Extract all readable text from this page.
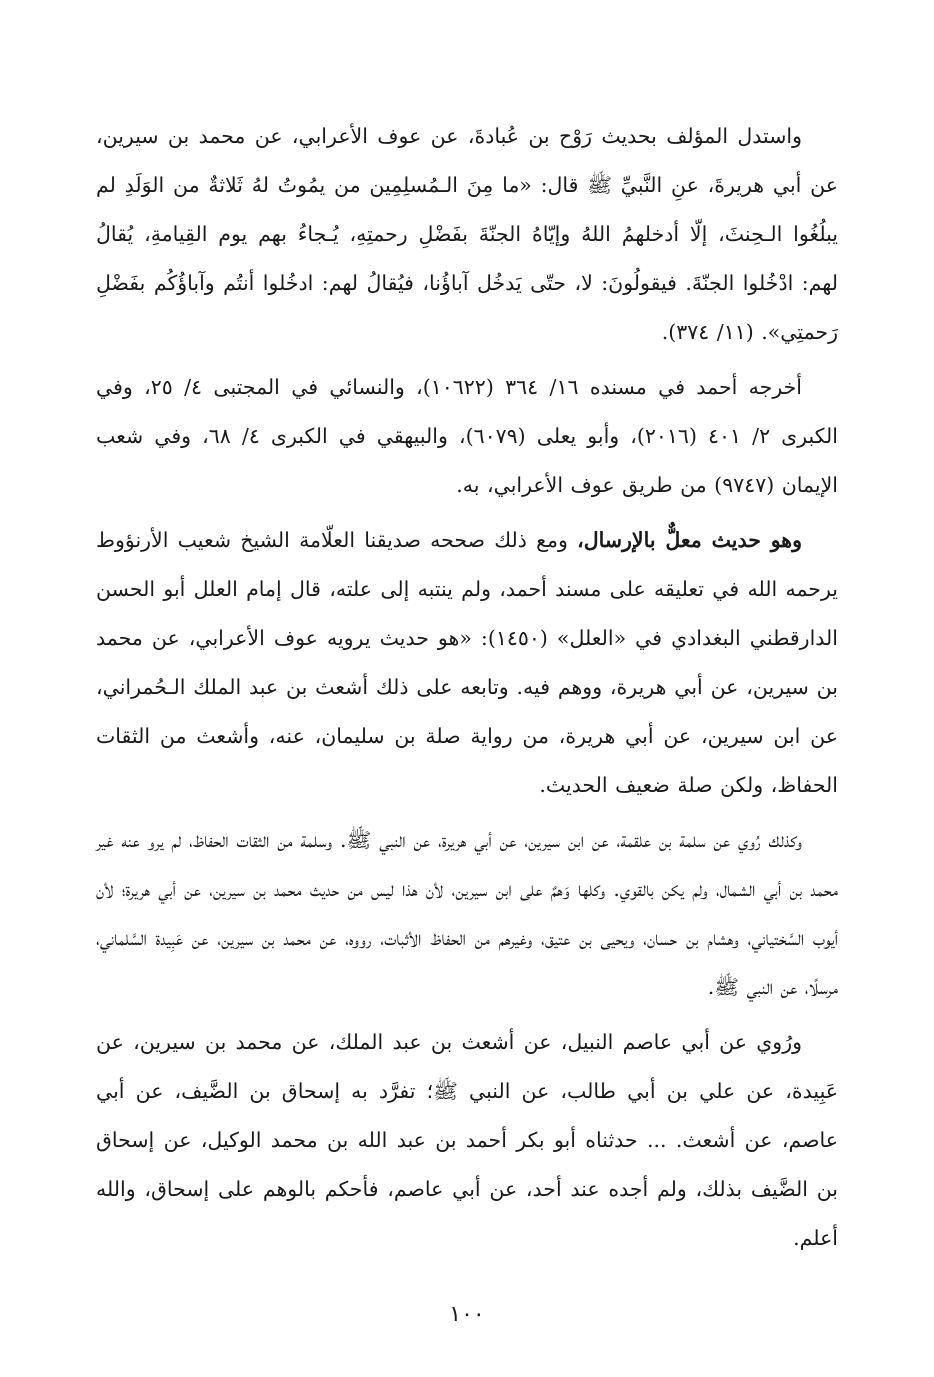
واستدل المؤلف بحديث رَوْح بن عُبادةَ، عن عوف الأعرابي، عن محمد بن سيرين، عن أبي هريرةَ، عنِ النَّبيِّ ﷺ قال: «ما مِنَ الـمُسلِمِين من يمُوتُ لهُ ثَلاثةٌ من الوَلَدِ لم يبلُغُوا الـحِنثَ، إلّا أدخلهمُ اللهُ وإيّاهُ الجنّةَ بفَضْلِ رحمتِهِ، يُـجاءُ بهم يوم القِيامةِ، يُقالُ لهم: ادْخُلوا الجنّةَ. فيقولُونَ: لا، حتّى يَدخُل آباؤُنا، فيُقالُ لهم: ادخُلوا أنتُم وآباؤُكُم بفَضْلِ رَحمتِي». (١١/ ٣٧٤).

أخرجه أحمد في مسنده ١٦/ ٣٦٤ (١٠٦٢٢)، والنسائي في المجتبى ٤/ ٢٥، وفي الكبرى ٢/ ٤٠١ (٢٠١٦)، وأبو يعلى (٦٠٧٩)، والبيهقي في الكبرى ٤/ ٦٨، وفي شعب الإيمان (٩٧٤٧) من طريق عوف الأعرابي، به.

وهو حديث معلٌّ بالإرسال، ومع ذلك صححه صديقنا العلّامة الشيخ شعيب الأرنؤوط يرحمه الله في تعليقه على مسند أحمد، ولم ينتبه إلى علته، قال إمام العلل أبو الحسن الدارقطني البغدادي في «العلل» (١٤٥٠): «هو حديث يرويه عوف الأعرابي، عن محمد بن سيرين، عن أبي هريرة، ووهم فيه. وتابعه على ذلك أشعث بن عبد الملك الـحُمراني، عن ابن سيرين، عن أبي هريرة، من رواية صلة بن سليمان، عنه، وأشعث من الثقات الحفاظ، ولكن صلة ضعيف الحديث.

وكذلك رُوي عن سلمة بن علقمة، عن ابن سيرين، عن أبي هريرة، عن النبي ﷺ. وسلمة من الثقات الحفاظ، لم يرو عنه غير محمد بن أبي الشمال، ولم يكن بالقوي. وكلها وَهمٌ على ابن سيرين، لأن هذا ليس من حديث محمد بن سيرين، عن أبي هريرة؛ لأن أيوب السَّختياني، وهشام بن حسان، ويحيى بن عتيق، وغيرهم من الحفاظ الأثبات، رووه، عن محمد بن سيرين، عن عَبِيدة السَّلماني، مرسلًا، عن النبي ﷺ.

ورُوي عن أبي عاصم النبيل، عن أشعث بن عبد الملك، عن محمد بن سيرين، عن عَبِيدة، عن علي بن أبي طالب، عن النبي ﷺ؛ تفرَّد به إسحاق بن الضَّيف، عن أبي عاصم، عن أشعث. ... حدثناه أبو بكر أحمد بن عبد الله بن محمد الوكيل، عن إسحاق بن الضَّيف بذلك، ولم أجده عند أحد، عن أبي عاصم، فأحكم بالوهم على إسحاق، والله أعلم.

١٠٠
